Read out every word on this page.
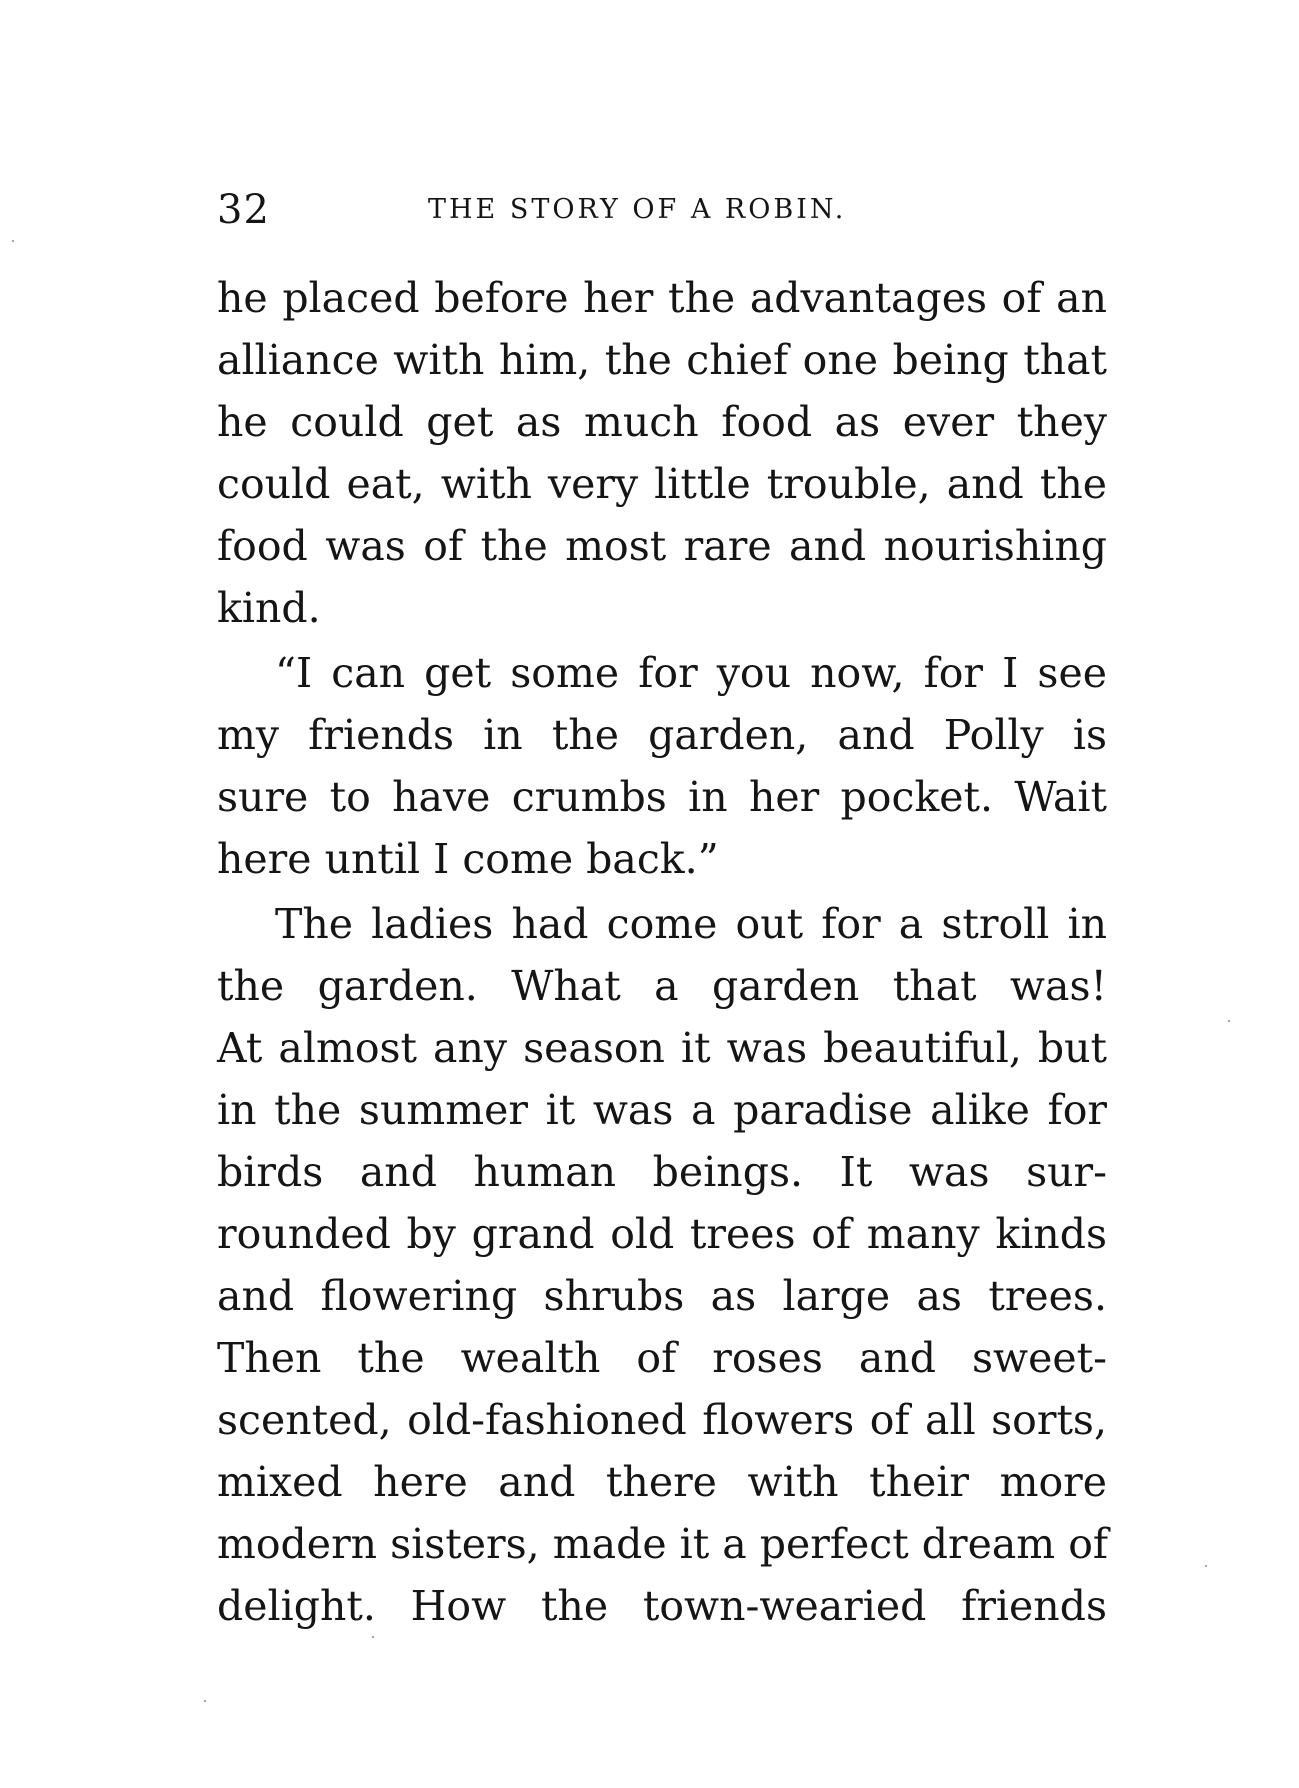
32	THE STORY OF A ROBIN.
he placed before her the advantages of an
alliance with him, the chief one being that
he could get as much food as ever they
could eat, with very little trouble, and the
food was of the most rare and nourishing
kind.
“I can get some for you now, for I see
my friends in the garden, and Polly is
sure to have crumbs in her pocket. Wait
here until I come back.”
The ladies had come out for a stroll in
the garden. What a garden that was!
At almost any season it was beautiful, but
in the summer it was a paradise alike for
birds and human beings. It was sur-
rounded by grand old trees of many kinds
and flowering shrubs as large as trees.
Then the wealth of roses and sweet-
scented, old-fashioned flowers of all sorts,
mixed here and there with their more
modern sisters, made it a perfect dream of
delight. How the town-wearied friends
